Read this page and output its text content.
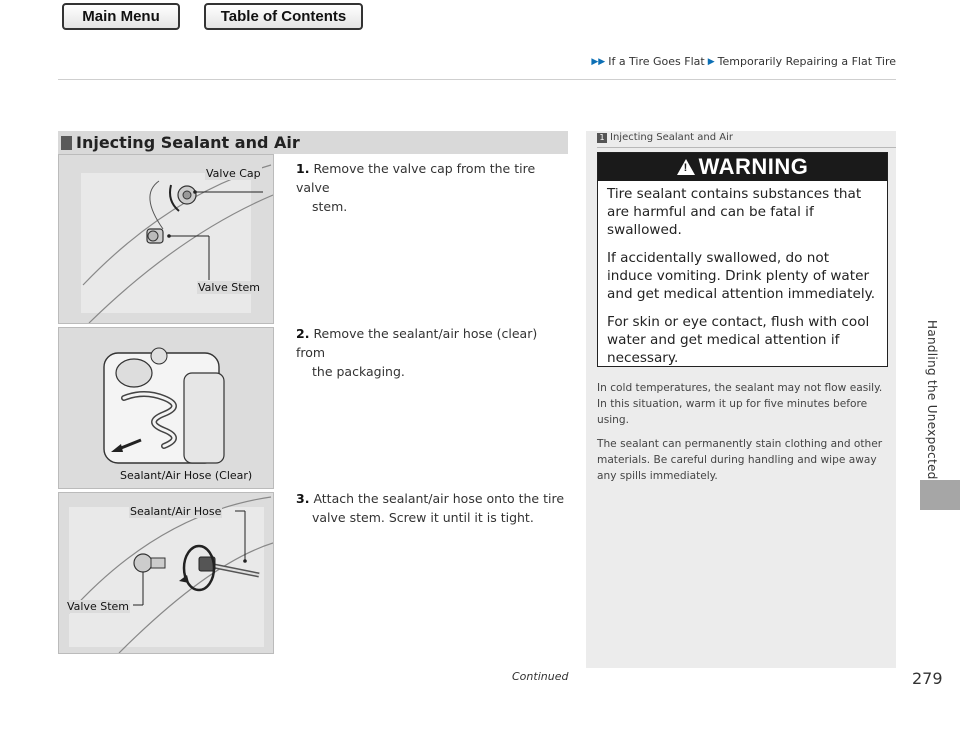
Main Menu	Table of Contents
▶▶ If a Tire Goes Flat ▶ Temporarily Repairing a Flat Tire
Handling the Unexpected
Injecting Sealant and Air
Valve Cap
Valve Stem
Sealant/Air Hose (Clear)
Sealant/Air Hose
Valve Stem
1. Remove the valve cap from the tire valve
stem.
2. Remove the sealant/air hose (clear) from
the packaging.
3. Attach the sealant/air hose onto the tire
valve stem. Screw it until it is tight.
1 Injecting Sealant and Air
! WARNING

Tire sealant contains substances that are harmful and can be fatal if swallowed.

If accidentally swallowed, do not induce vomiting. Drink plenty of water and get medical attention immediately.

For skin or eye contact, flush with cool water and get medical attention if necessary.

In cold temperatures, the sealant may not flow easily. In this situation, warm it up for five minutes before using.

The sealant can permanently stain clothing and other materials. Be careful during handling and wipe away any spills immediately.

Continued	279
